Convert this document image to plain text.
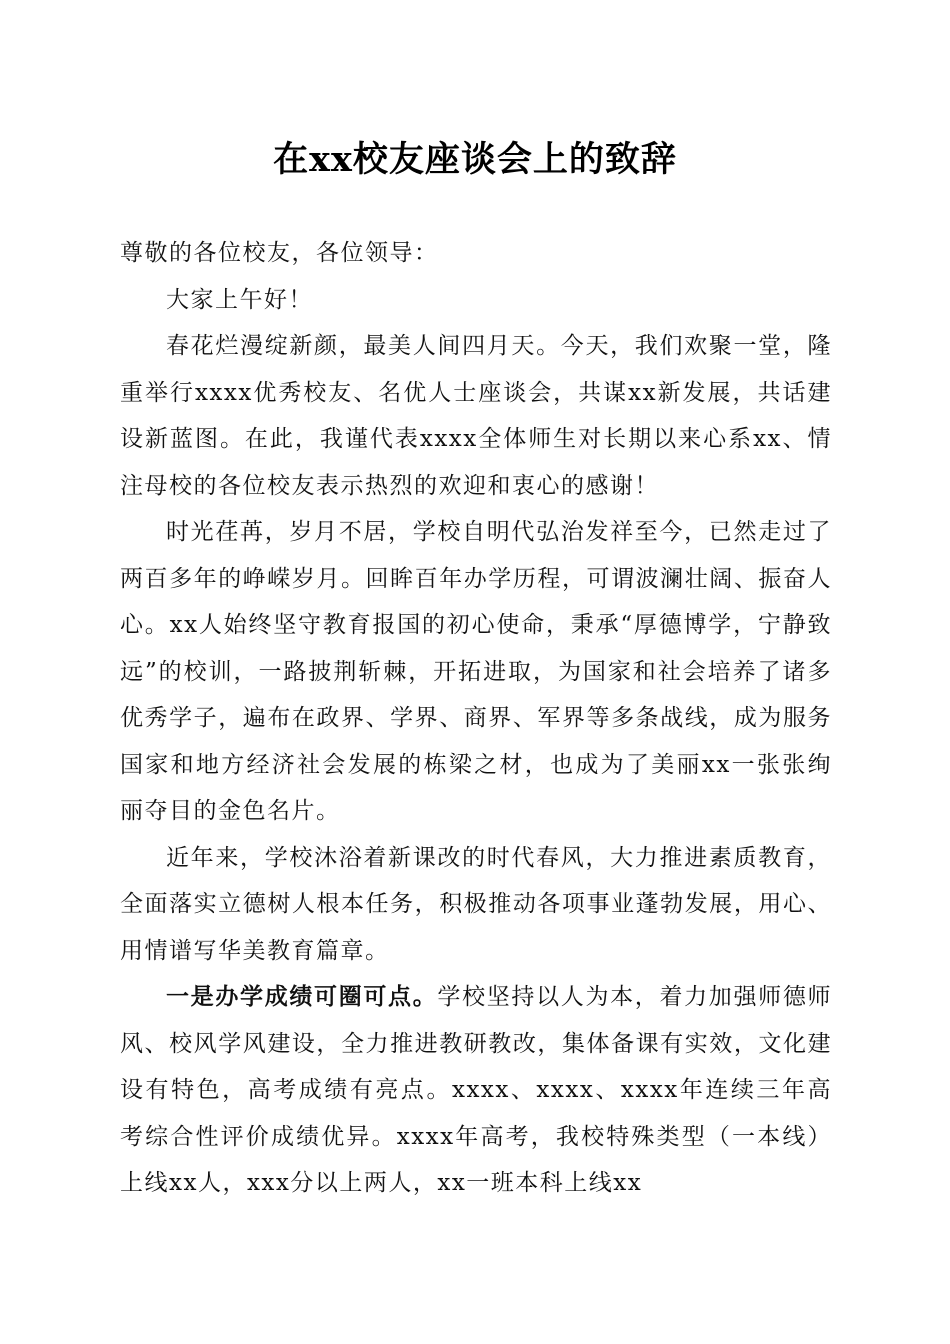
在xx校友座谈会上的致辞

尊敬的各位校友，各位领导：

大家上午好！

春花烂漫绽新颜，最美人间四月天。今天，我们欢聚一堂，隆重举行xxxx优秀校友、名优人士座谈会，共谋xx新发展，共话建设新蓝图。在此，我谨代表xxxx全体师生对长期以来心系xx、情注母校的各位校友表示热烈的欢迎和衷心的感谢！

时光荏苒，岁月不居，学校自明代弘治发祥至今，已然走过了两百多年的峥嵘岁月。回眸百年办学历程，可谓波澜壮阔、振奋人心。xx人始终坚守教育报国的初心使命，秉承“厚德博学，宁静致远”的校训，一路披荆斩棘，开拓进取，为国家和社会培养了诸多优秀学子，遍布在政界、学界、商界、军界等多条战线，成为服务国家和地方经济社会发展的栋梁之材，也成为了美丽xx一张张绚丽夺目的金色名片。

近年来，学校沐浴着新课改的时代春风，大力推进素质教育，全面落实立德树人根本任务，积极推动各项事业蓬勃发展，用心、用情谱写华美教育篇章。

一是办学成绩可圈可点。学校坚持以人为本，着力加强师德师风、校风学风建设，全力推进教研教改，集体备课有实效，文化建设有特色，高考成绩有亮点。xxxx、xxxx、xxxx年连续三年高考综合性评价成绩优异。xxxx年高考，我校特殊类型（一本线）上线xx人，xxx分以上两人，xx一班本科上线xx
